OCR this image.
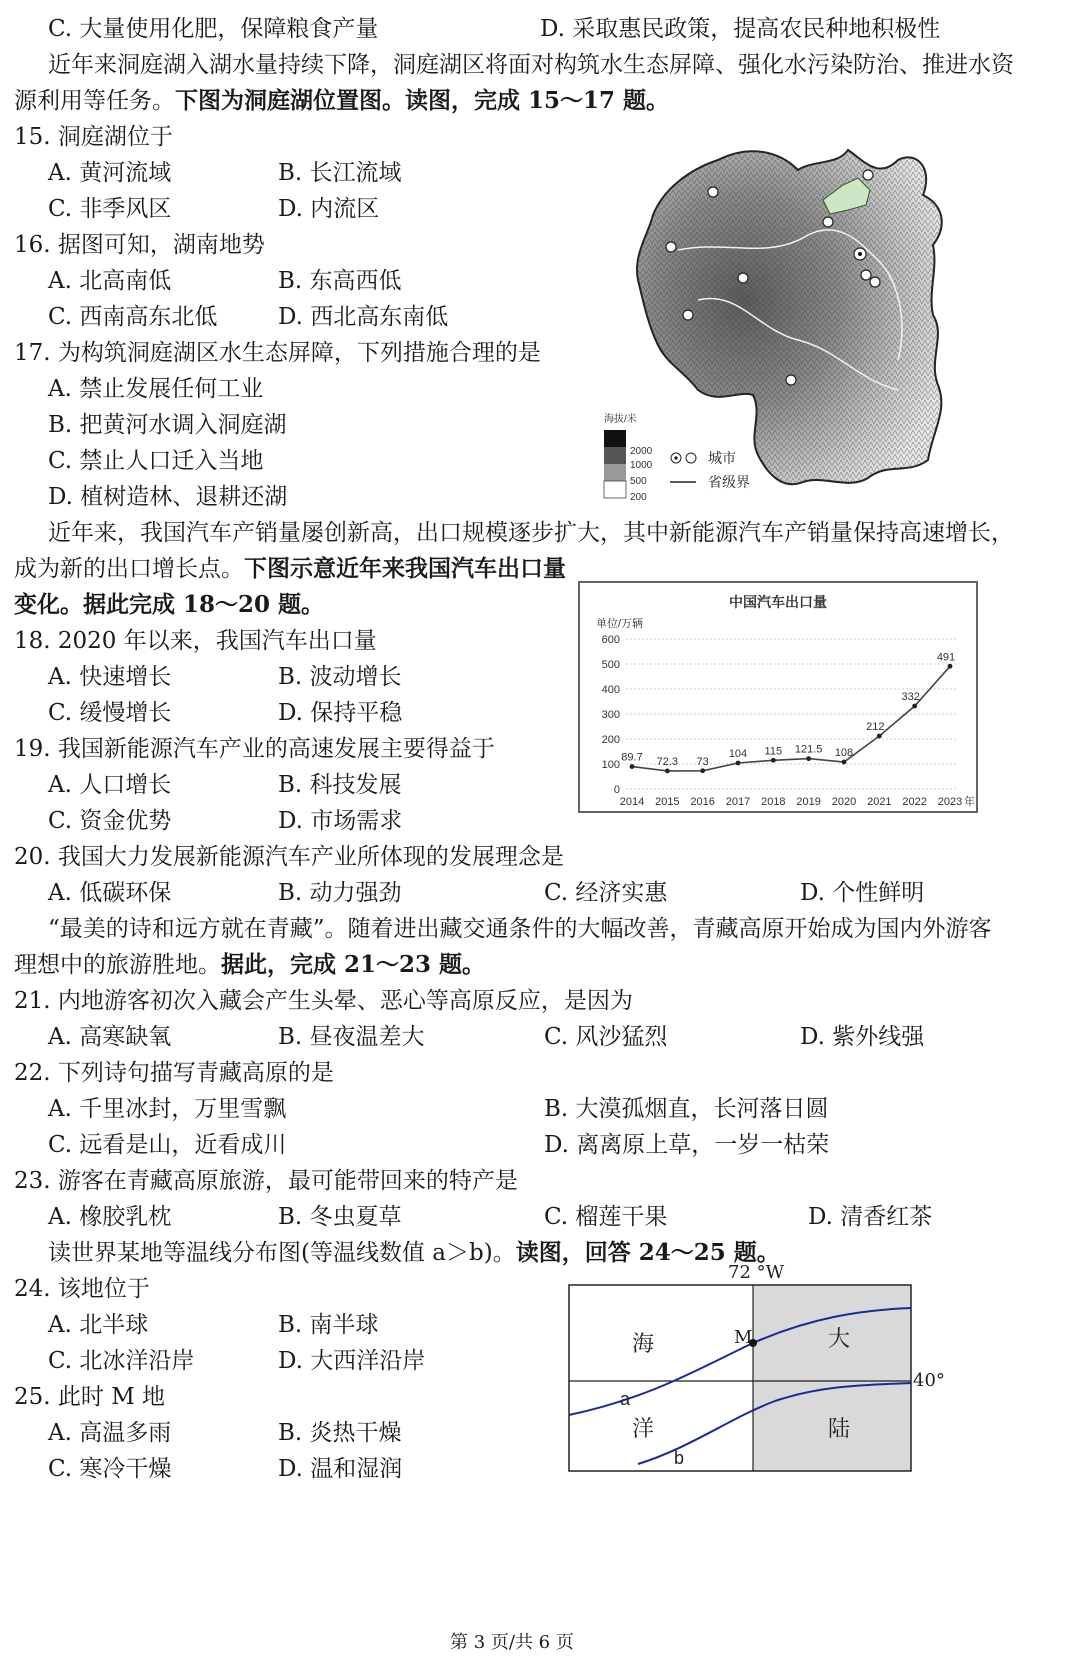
C. 大量使用化肥，保障粮食产量	D. 采取惠民政策，提高农民种地积极性
近年来洞庭湖入湖水量持续下降，洞庭湖区将面对构筑水生态屏障、强化水污染防治、推进水资
源利用等任务。下图为洞庭湖位置图。读图，完成 15～17 题。
15. 洞庭湖位于
A. 黄河流域	B. 长江流域
C. 非季风区	D. 内流区
16. 据图可知，湖南地势
A. 北高南低	B. 东高西低
C. 西南高东北低	D. 西北高东南低
17. 为构筑洞庭湖区水生态屏障，下列措施合理的是
A. 禁止发展任何工业
B. 把黄河水调入洞庭湖
C. 禁止人口迁入当地
D. 植树造林、退耕还湖
近年来，我国汽车产销量屡创新高，出口规模逐步扩大，其中新能源汽车产销量保持高速增长，
成为新的出口增长点。下图示意近年来我国汽车出口量
变化。据此完成 18～20 题。
18. 2020 年以来，我国汽车出口量
A. 快速增长	B. 波动增长
C. 缓慢增长	D. 保持平稳
19. 我国新能源汽车产业的高速发展主要得益于
A. 人口增长	B. 科技发展
C. 资金优势	D. 市场需求
20. 我国大力发展新能源汽车产业所体现的发展理念是
A. 低碳环保	B. 动力强劲	C. 经济实惠	D. 个性鲜明
“最美的诗和远方就在青藏”。随着进出藏交通条件的大幅改善，青藏高原开始成为国内外游客
理想中的旅游胜地。据此，完成 21～23 题。
21. 内地游客初次入藏会产生头晕、恶心等高原反应，是因为
A. 高寒缺氧	B. 昼夜温差大	C. 风沙猛烈	D. 紫外线强
22. 下列诗句描写青藏高原的是
A. 千里冰封，万里雪飘	B. 大漠孤烟直，长河落日圆
C. 远看是山，近看成川	D. 离离原上草，一岁一枯荣
23. 游客在青藏高原旅游，最可能带回来的特产是
A. 橡胶乳枕	B. 冬虫夏草	C. 榴莲干果	D. 清香红茶
读世界某地等温线分布图(等温线数值 a＞b)。读图，回答 24～25 题。
24. 该地位于
A. 北半球	B. 南半球
C. 北冰洋沿岸	D. 大西洋沿岸
25. 此时 M 地
A. 高温多雨	B. 炎热干燥
C. 寒冷干燥	D. 温和湿润
第 3 页/共 6 页
海拔/米
2000
1000
500
200
城市
省级界
中国汽车出口量
单位/万辆
0
100
200
300
400
500
600
2014 2015 2016 2017 2018 2019 2020 2021 2022 2023 年
89.7 72.3 73
104 115 121.5 108
212
332
491
72 °W
40°
M
a
b
海
洋
大
陆
